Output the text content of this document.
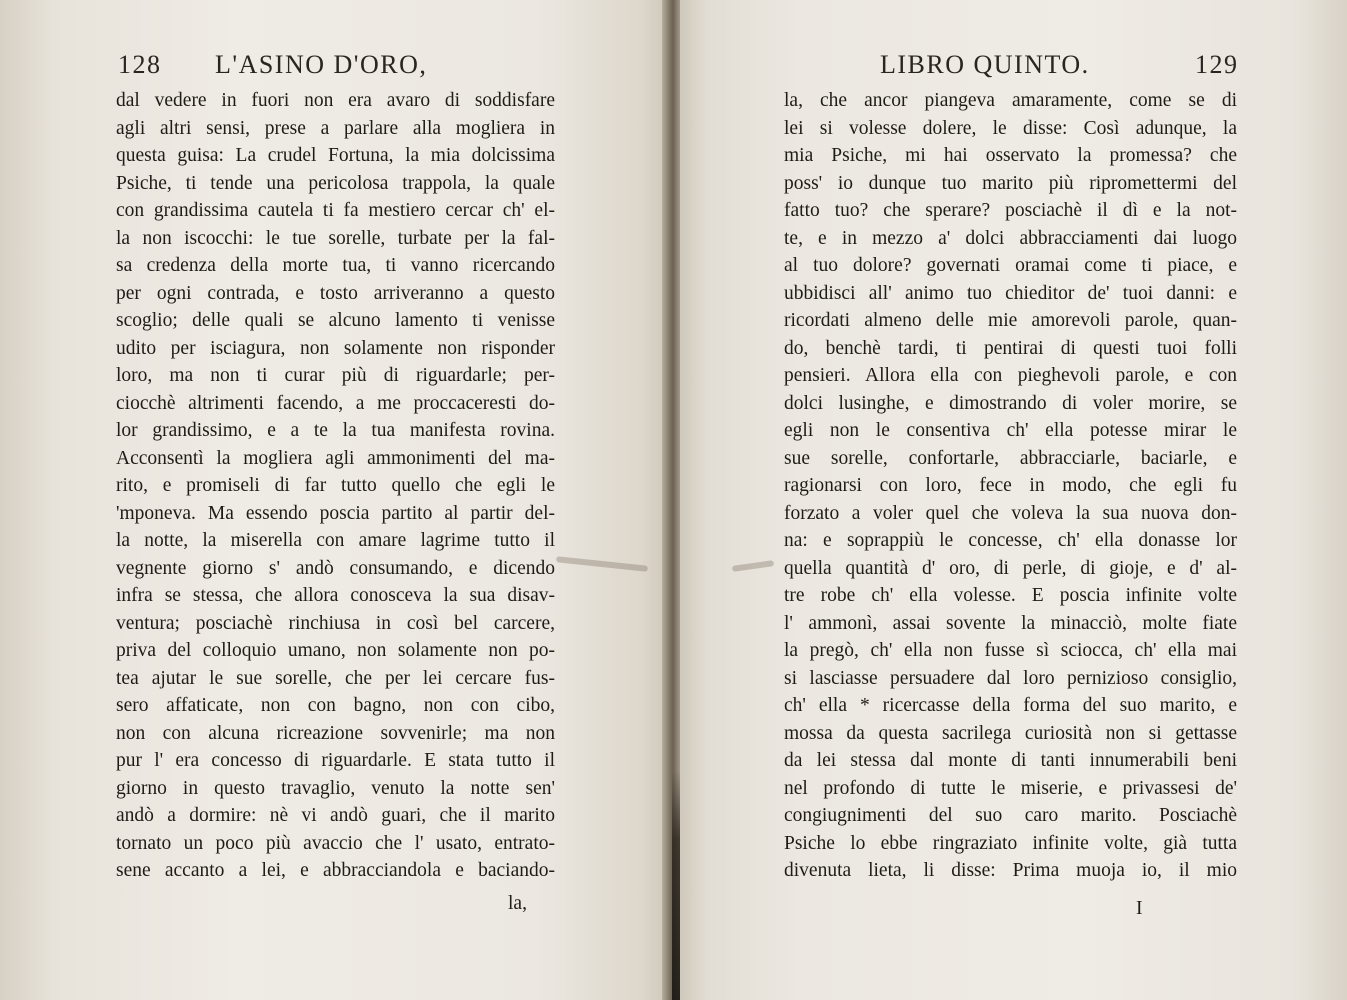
128 L'ASINO D'ORO,
dal vedere in fuori non era avaro di soddisfare
agli altri sensi, prese a parlare alla mogliera in
questa guisa: La crudel Fortuna, la mia dolcissima
Psiche, ti tende una pericolosa trappola, la quale
con grandissima cautela ti fa mestiero cercar ch' el-
la non iscocchi: le tue sorelle, turbate per la fal-
sa credenza della morte tua, ti vanno ricercando
per ogni contrada, e tosto arriveranno a questo
scoglio; delle quali se alcuno lamento ti venisse
udito per isciagura, non solamente non risponder
loro, ma non ti curar più di riguardarle; per-
ciocchè altrimenti facendo, a me proccaceresti do-
lor grandissimo, e a te la tua manifesta rovina.
Acconsentì la mogliera agli ammonimenti del ma-
rito, e promiseli di far tutto quello che egli le
'mponeva. Ma essendo poscia partito al partir del-
la notte, la miserella con amare lagrime tutto il
vegnente giorno s' andò consumando, e dicendo
infra se stessa, che allora conosceva la sua disav-
ventura; posciachè rinchiusa in così bel carcere,
priva del colloquio umano, non solamente non po-
tea ajutar le sue sorelle, che per lei cercare fus-
sero affaticate, non con bagno, non con cibo,
non con alcuna ricreazione sovvenirle; ma non
pur l' era concesso di riguardarle. E stata tutto il
giorno in questo travaglio, venuto la notte sen'
andò a dormire: nè vi andò guari, che il marito
tornato un poco più avaccio che l' usato, entrato-
sene accanto a lei, e abbracciandola e baciando-
la,
LIBRO QUINTO.	129
la, che ancor piangeva amaramente, come se di
lei si volesse dolere, le disse: Così adunque, la
mia Psiche, mi hai osservato la promessa? che
poss' io dunque tuo marito più ripromettermi del
fatto tuo? che sperare? posciachè il dì e la not-
te, e in mezzo a' dolci abbracciamenti dai luogo
al tuo dolore? governati oramai come ti piace, e
ubbidisci all' animo tuo chieditor de' tuoi danni: e
ricordati almeno delle mie amorevoli parole, quan-
do, benchè tardi, ti pentirai di questi tuoi folli
pensieri. Allora ella con pieghevoli parole, e con
dolci lusinghe, e dimostrando di voler morire, se
egli non le consentiva ch' ella potesse mirar le
sue sorelle, confortarle, abbracciarle, baciarle, e
ragionarsi con loro, fece in modo, che egli fu
forzato a voler quel che voleva la sua nuova don-
na: e soprappiù le concesse, ch' ella donasse lor
quella quantità d' oro, di perle, di gioje, e d' al-
tre robe ch' ella volesse. E poscia infinite volte
l' ammonì, assai sovente la minacciò, molte fiate
la pregò, ch' ella non fusse sì sciocca, ch' ella mai
si lasciasse persuadere dal loro pernizioso consiglio,
ch' ella * ricercasse della forma del suo marito, e
mossa da questa sacrilega curiosità non si gettasse
da lei stessa dal monte di tanti innumerabili beni
nel profondo di tutte le miserie, e privassesi de'
congiugnimenti del suo caro marito. Posciachè
Psiche lo ebbe ringraziato infinite volte, già tutta
divenuta lieta, li disse: Prima muoja io, il mio
I
